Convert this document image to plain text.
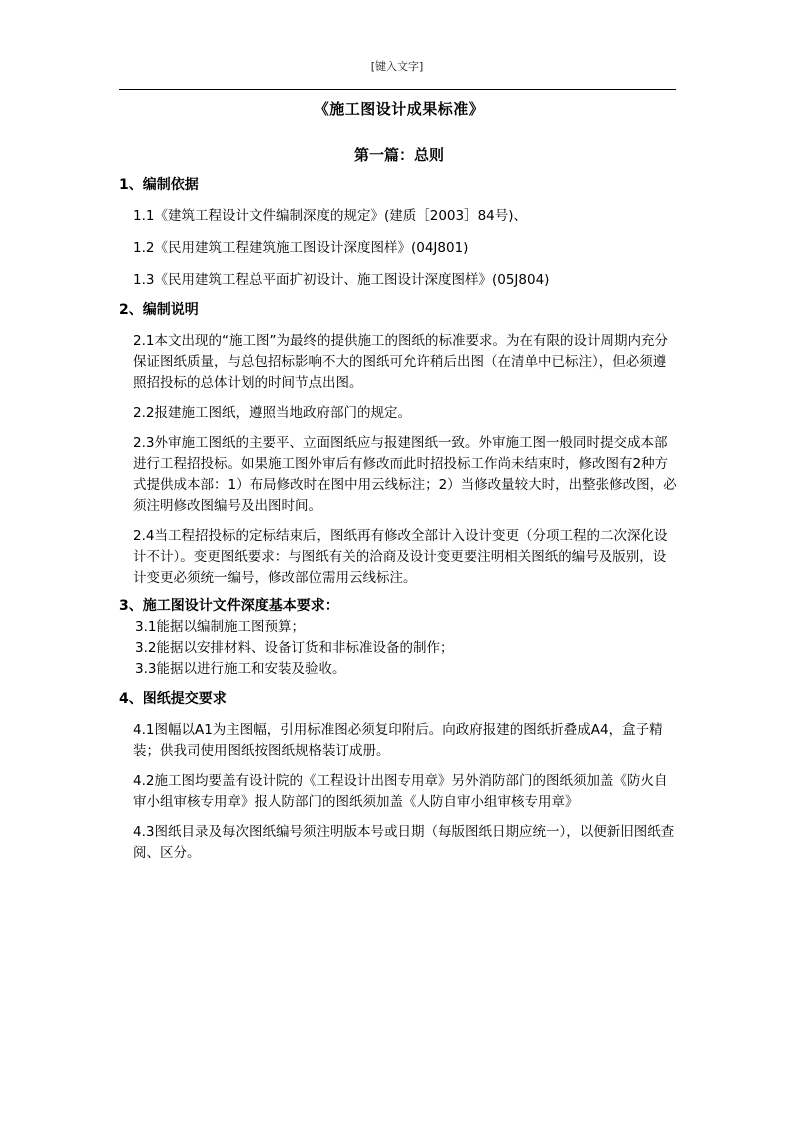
[键入文字]
《施工图设计成果标准》
第一篇：总则

1、编制依据

1.1《建筑工程设计文件编制深度的规定》(建质［2003］84号)、

1.2《民用建筑工程建筑施工图设计深度图样》(04J801)

1.3《民用建筑工程总平面扩初设计、施工图设计深度图样》(05J804)

2、编制说明

2.1本文出现的“施工图”为最终的提供施工的图纸的标准要求。为在有限的设计周期内充分保证图纸质量，与总包招标影响不大的图纸可允许稍后出图（在清单中已标注），但必须遵照招投标的总体计划的时间节点出图。

2.2报建施工图纸，遵照当地政府部门的规定。

2.3外审施工图纸的主要平、立面图纸应与报建图纸一致。外审施工图一般同时提交成本部进行工程招投标。如果施工图外审后有修改而此时招投标工作尚未结束时，修改图有2种方式提供成本部：1）布局修改时在图中用云线标注；2）当修改量较大时，出整张修改图，必须注明修改图编号及出图时间。

2.4当工程招投标的定标结束后，图纸再有修改全部计入设计变更（分项工程的二次深化设计不计）。变更图纸要求：与图纸有关的洽商及设计变更要注明相关图纸的编号及版别，设计变更必须统一编号，修改部位需用云线标注。

3、施工图设计文件深度基本要求：

3.1能据以编制施工图预算；

3.2能据以安排材料、设备订货和非标准设备的制作；

3.3能据以进行施工和安装及验收。

4、图纸提交要求

4.1图幅以A1为主图幅，引用标准图必须复印附后。向政府报建的图纸折叠成A4，盒子精装；供我司使用图纸按图纸规格装订成册。

4.2施工图均要盖有设计院的《工程设计出图专用章》另外消防部门的图纸须加盖《防火自审小组审核专用章》报人防部门的图纸须加盖《人防自审小组审核专用章》

4.3图纸目录及每次图纸编号须注明版本号或日期（每版图纸日期应统一），以便新旧图纸查阅、区分。
